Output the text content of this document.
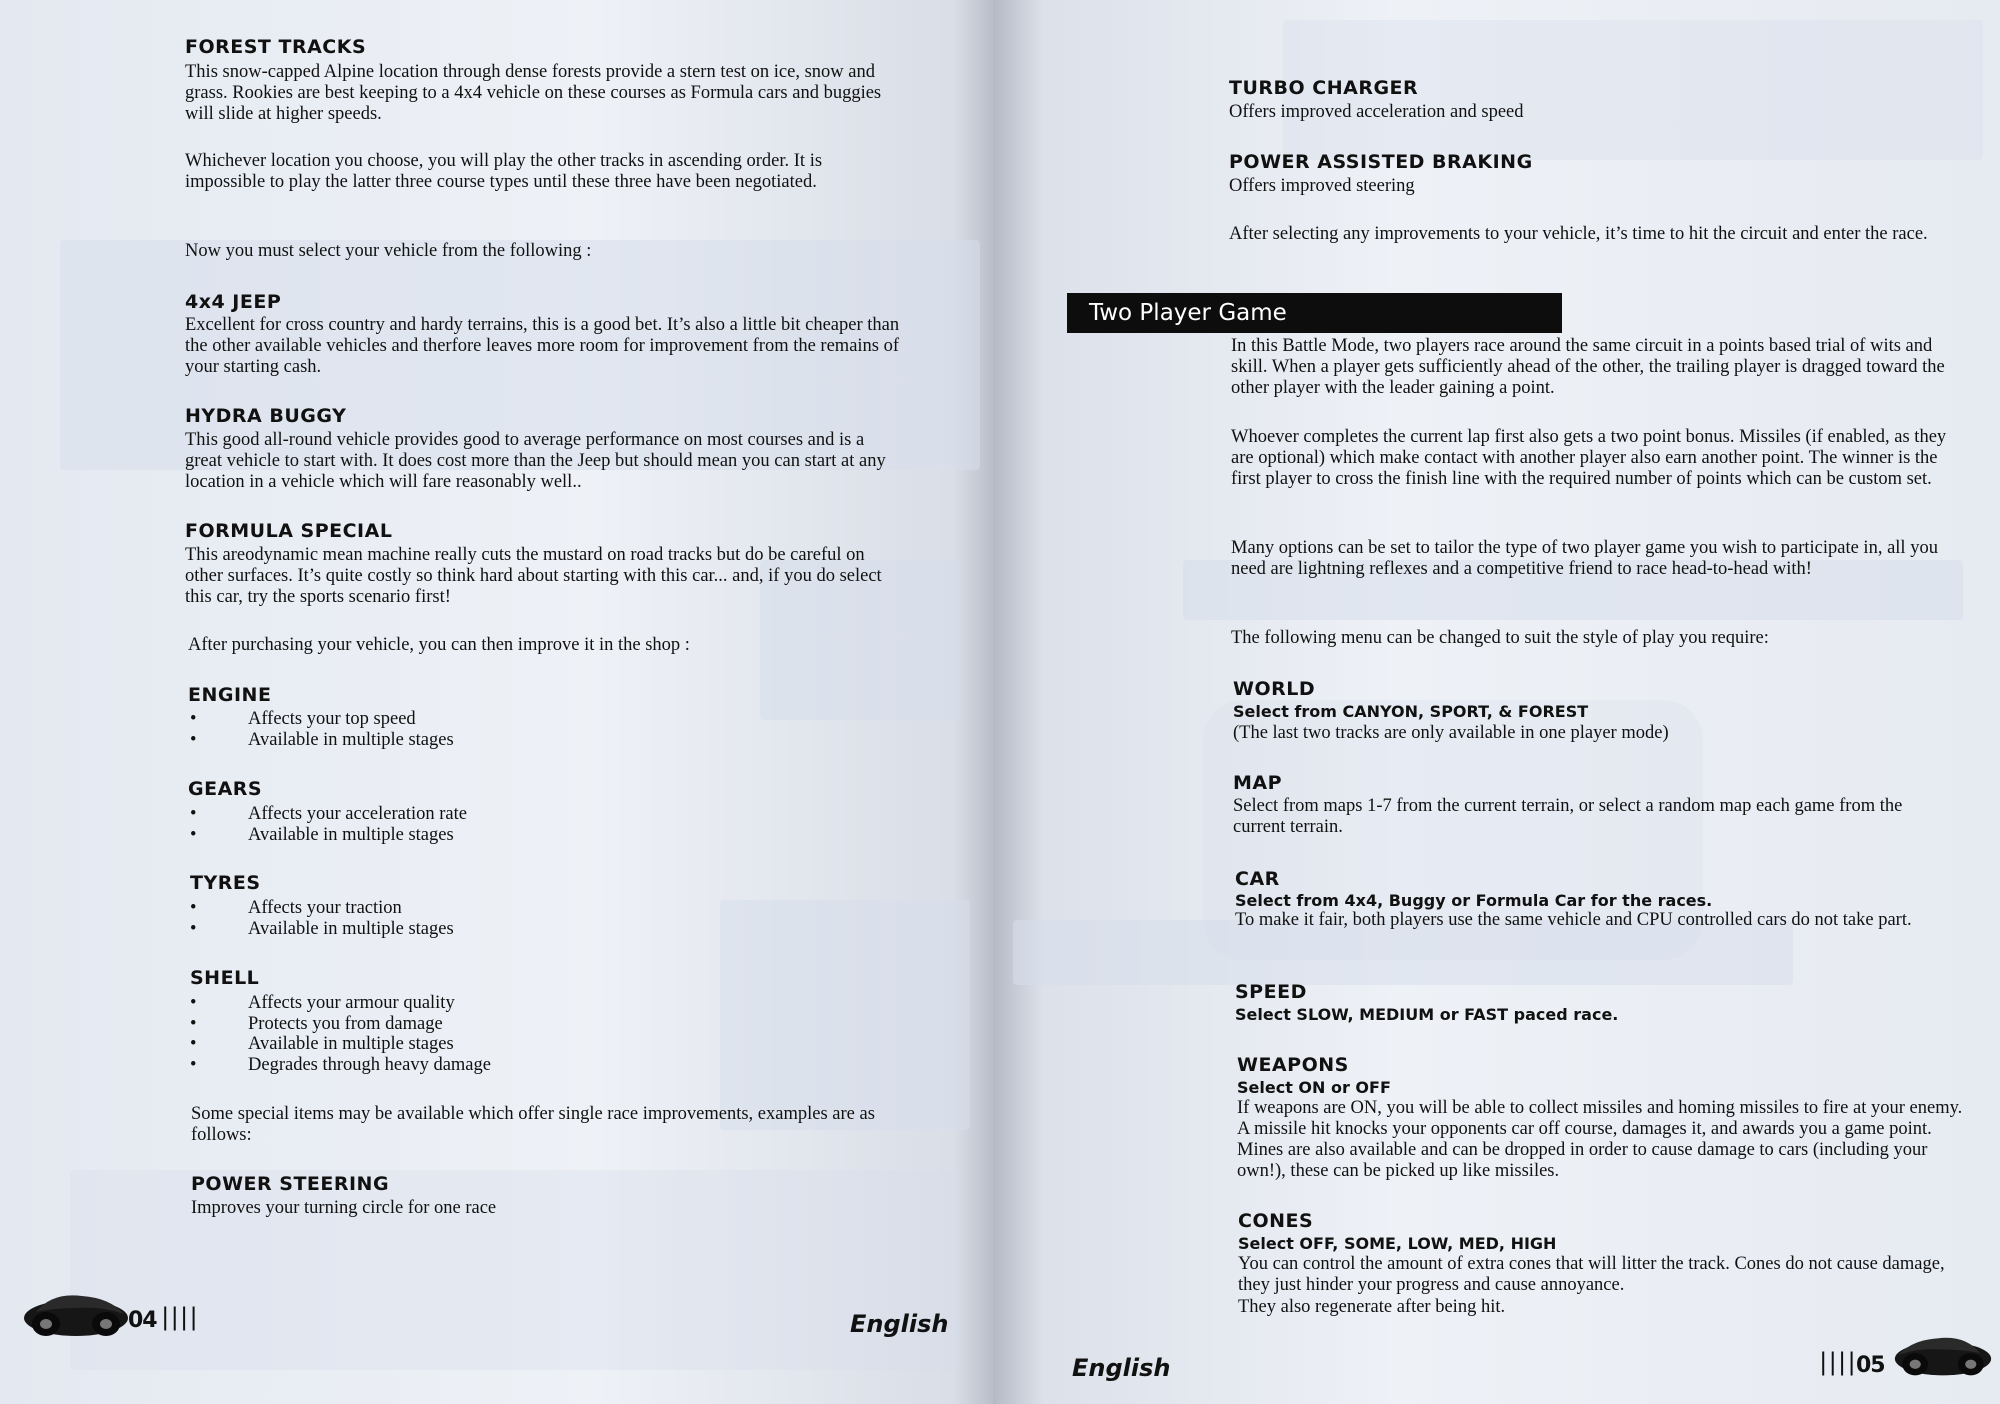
FOREST TRACKS

This snow-capped Alpine location through dense forests provide a stern test on ice, snow and grass. Rookies are best keeping to a 4x4 vehicle on these courses as Formula cars and buggies will slide at higher speeds.

Whichever location you choose, you will play the other tracks in ascending order. It is impossible to play the latter three course types until these three have been negotiated.

Now you must select your vehicle from the following :

4x4 JEEP

Excellent for cross country and hardy terrains, this is a good bet. It’s also a little bit cheaper than the other available vehicles and therfore leaves more room for improvement from the remains of your starting cash.

HYDRA BUGGY

This good all-round vehicle provides good to average performance on most courses and is a great vehicle to start with. It does cost more than the Jeep but should mean you can start at any location in a vehicle which will fare reasonably well..

FORMULA SPECIAL

This areodynamic mean machine really cuts the mustard on road tracks but do be careful on other surfaces. It’s quite costly so think hard about starting with this car... and, if you do select this car, try the sports scenario first!

After purchasing your vehicle, you can then improve it in the shop :

ENGINE
• Affects your top speed
• Available in multiple stages
GEARS
• Affects your acceleration rate
• Available in multiple stages
TYRES
• Affects your traction
• Available in multiple stages
SHELL
• Affects your armour quality
• Protects you from damage
• Available in multiple stages
• Degrades through heavy damage

Some special items may be available which offer single race improvements, examples are as follows:

POWER STEERING

Improves your turning circle for one race

04 ||||	English
TURBO CHARGER

Offers improved acceleration and speed

POWER ASSISTED BRAKING

Offers improved steering

After selecting any improvements to your vehicle, it’s time to hit the circuit and enter the race.

Two Player Game

In this Battle Mode, two players race around the same circuit in a points based trial of wits and skill. When a player gets sufficiently ahead of the other, the trailing player is dragged toward the other player with the leader gaining a point.

Whoever completes the current lap first also gets a two point bonus. Missiles (if enabled, as they are optional) which make contact with another player also earn another point. The winner is the first player to cross the finish line with the required number of points which can be custom set.

Many options can be set to tailor the type of two player game you wish to participate in, all you need are lightning reflexes and a competitive friend to race head-to-head with!

The following menu can be changed to suit the style of play you require:

WORLD

Select from CANYON, SPORT, & FOREST

(The last two tracks are only available in one player mode)

MAP

Select from maps 1-7 from the current terrain, or select a random map each game from the current terrain.

CAR

Select from 4x4, Buggy or Formula Car for the races.

To make it fair, both players use the same vehicle and CPU controlled cars do not take part.

SPEED

Select SLOW, MEDIUM or FAST paced race.

WEAPONS

Select ON or OFF

If weapons are ON, you will be able to collect missiles and homing missiles to fire at your enemy. A missile hit knocks your opponents car off course, damages it, and awards you a game point. Mines are also available and can be dropped in order to cause damage to cars (including your own!), these can be picked up like missiles.

CONES

Select OFF, SOME, LOW, MED, HIGH

You can control the amount of extra cones that will litter the track. Cones do not cause damage, they just hinder your progress and cause annoyance.

They also regenerate after being hit.

English	|||| 05
